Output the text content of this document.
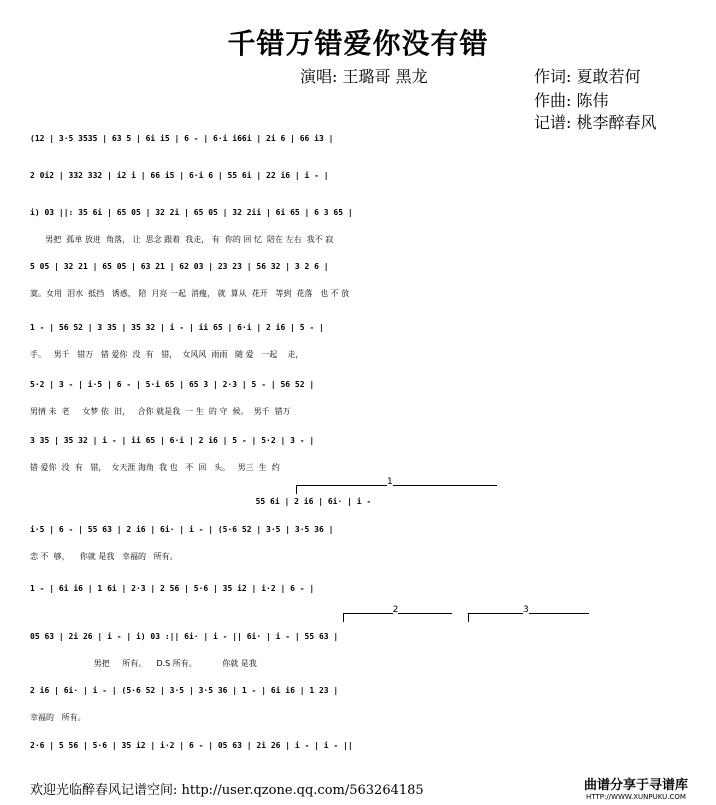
千错万错爱你没有错
演唱: 王璐哥 黑龙	作词: 夏敢若何
作曲: 陈伟
记谱: 桃李醉春风
(12 | 3·5 3535 | 63 5 | 6i i5 | 6 - | 6·i i66i | 2i 6 | 66 i3 |
2 0i2 | 332 332 | i2 i | 66 i5 | 6·i 6 | 55 6i | 22 i6 | i - |
i) 03 ||: 35 6i | 65 05 | 32 2i | 65 05 | 32 2ii | 6i 65 | 6 3 65 |
男把  孤单 放进  角落， 让  思念 跟着  我走， 有  你的 回 忆  陪在 左右  我不 寂
5 05 | 32 21 | 65 05 | 63 21 | 62 03 | 23 23 | 56 32 | 3 2 6 |
寞。女用  泪水  抵挡   诱惑， 陪  月亮 一起  消瘦， 就  算从  花开   等到  花落   也 不 放
1 - | 56 52 | 3 35 | 35 32 | i - | ii 65 | 6·i | 2 i6 | 5 - |
手。   男千   错万   错 爱你  没  有   错，  女风风  雨雨   随 爱   一起    走，
5·2 | 3 - | i·5 | 6 - | 5·i 65 | 65 3 | 2·3 | 5 - | 56 52 |
男情 未  老     女梦 依  旧，   合你 就是我  一 生  的 守  候。  男千  错万
3 35 | 35 32 | i - | ii 65 | 6·i | 2 i6 | 5 - | 5·2 | 3 - |
错 爱你  没  有   错，  女天涯 海角  我 也   不  回   头。   男三  生  约
55 6i | 2 i6 | 6i· | i -
i·5 | 6 - | 55 63 | 2 i6 | 6i· | i - | (5·6 52 | 3·5 | 3·5 36 |
恋 不  够，    你就 是我   幸福的   所有。
1 - | 6i i6 | 1 6i | 2·3 | 2 56 | 5·6 | 35 i2 | i·2 | 6 - |
05 63 | 2i 26 | i - | i) 03 :|| 6i· | i - || 6i· | i - | 55 63 |
男把     所有。    D.S 所有。          你就 是我
2 i6 | 6i· | i - | (5·6 52 | 3·5 | 3·5 36 | 1 - | 6i i6 | 1 23 |
幸福的   所有。
2·6 | 5 56 | 5·6 | 35 i2 | i·2 | 6 - | 05 63 | 2i 26 | i - | i - ||
1
2	3
欢迎光临醉春风记谱空间: http://user.qzone.qq.com/563264185	曲谱分享于寻谱库
HTTP://WWW.XUNPUKU.COM
